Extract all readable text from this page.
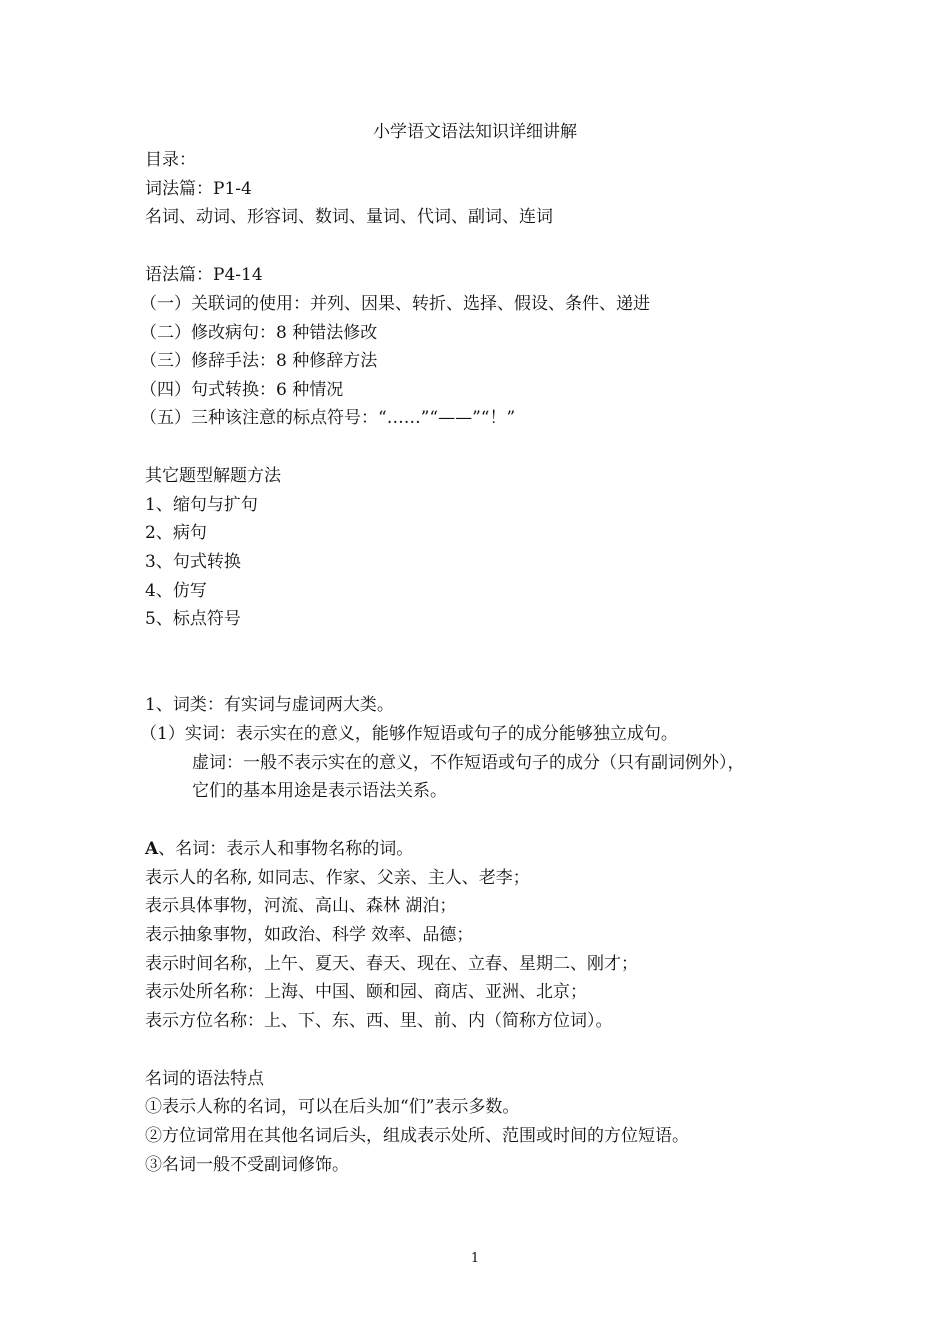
小学语文语法知识详细讲解
目录：
词法篇：P1-4
名词、动词、形容词、数词、量词、代词、副词、连词
语法篇：P4-14
（一）关联词的使用：并列、因果、转折、选择、假设、条件、递进
（二）修改病句：8 种错法修改
（三）修辞手法：8 种修辞方法
（四）句式转换：6 种情况
（五）三种该注意的标点符号：“……”“——”“！”
其它题型解题方法
1、缩句与扩句
2、病句
3、句式转换
4、仿写
5、标点符号
1、词类：有实词与虚词两大类。
（1）实词：表示实在的意义，能够作短语或句子的成分能够独立成句。
虚词：一般不表示实在的意义，不作短语或句子的成分（只有副词例外），
它们的基本用途是表示语法关系。
A、名词：表示人和事物名称的词。
表示人的名称, 如同志、作家、父亲、主人、老李；
表示具体事物，河流、高山、森林 湖泊；
表示抽象事物，如政治、科学 效率、品德；
表示时间名称，上午、夏天、春天、现在、立春、星期二、刚才；
表示处所名称：上海、中国、颐和园、商店、亚洲、北京；
表示方位名称：上、下、东、西、里、前、内（简称方位词）。
名词的语法特点
①表示人称的名词，可以在后头加“们”表示多数。
②方位词常用在其他名词后头，组成表示处所、范围或时间的方位短语。
③名词一般不受副词修饰。
1
